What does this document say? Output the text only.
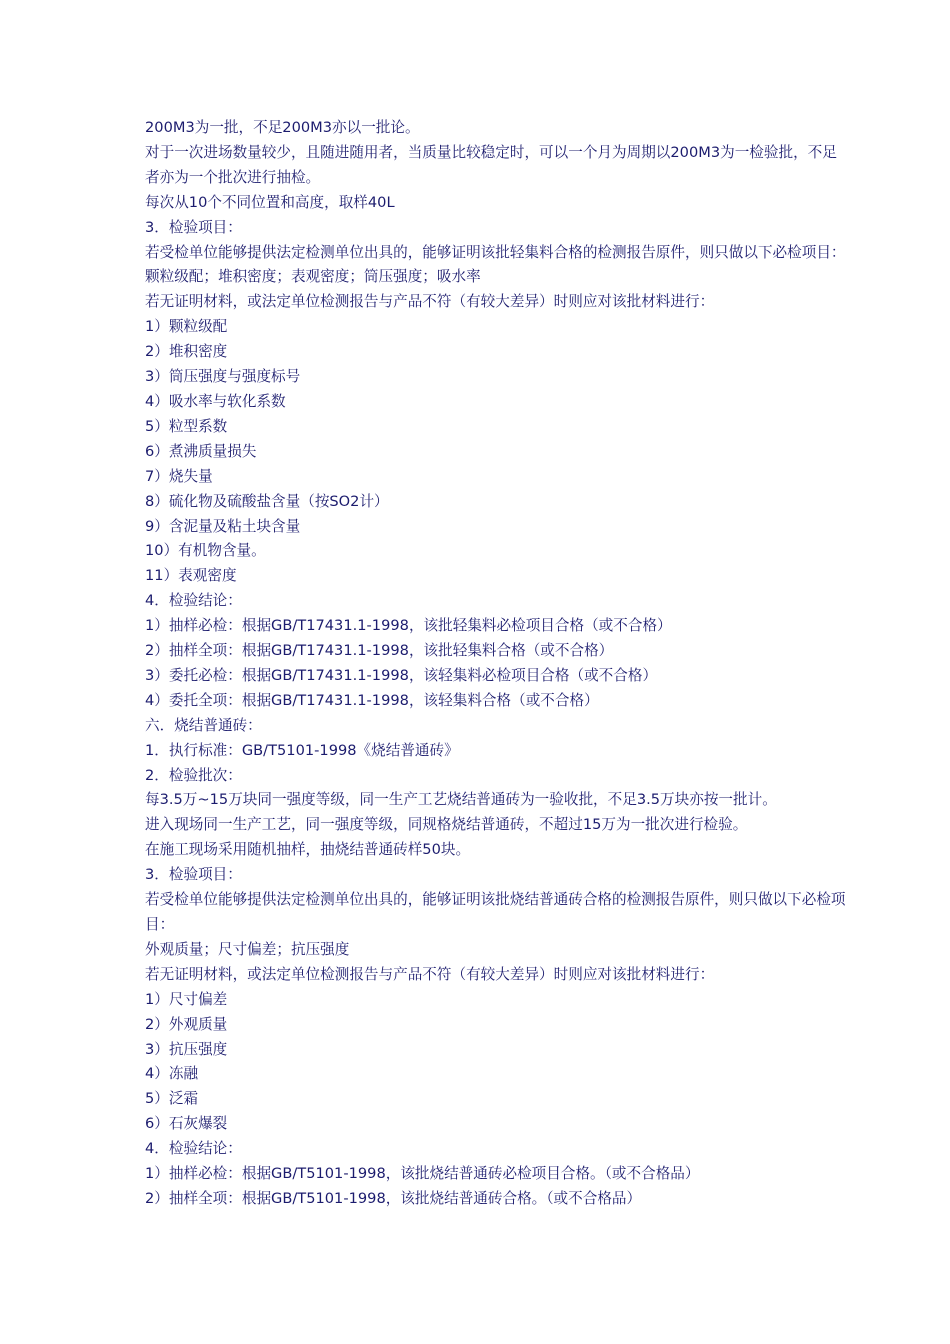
200M3为一批，不足200M3亦以一批论。

对于一次进场数量较少，且随进随用者，当质量比较稳定时，可以一个月为周期以200M3为一检验批，不足者亦为一个批次进行抽检。

每次从10个不同位置和高度，取样40L

3．检验项目：

若受检单位能够提供法定检测单位出具的，能够证明该批轻集料合格的检测报告原件，则只做以下必检项目：

颗粒级配；堆积密度；表观密度；筒压强度；吸水率

若无证明材料，或法定单位检测报告与产品不符（有较大差异）时则应对该批材料进行：

1）颗粒级配

2）堆积密度

3）筒压强度与强度标号

4）吸水率与软化系数

5）粒型系数

6）煮沸质量损失

7）烧失量

8）硫化物及硫酸盐含量（按SO2计）

9）含泥量及粘土块含量

10）有机物含量。

11）表观密度

4．检验结论：

1）抽样必检：根据GB/T17431.1-1998，该批轻集料必检项目合格（或不合格）

2）抽样全项：根据GB/T17431.1-1998，该批轻集料合格（或不合格）

3）委托必检：根据GB/T17431.1-1998，该轻集料必检项目合格（或不合格）

4）委托全项：根据GB/T17431.1-1998，该轻集料合格（或不合格）

六．烧结普通砖：

1．执行标准：GB/T5101-1998《烧结普通砖》

2．检验批次：

每3.5万~15万块同一强度等级，同一生产工艺烧结普通砖为一验收批，不足3.5万块亦按一批计。

进入现场同一生产工艺，同一强度等级，同规格烧结普通砖，不超过15万为一批次进行检验。

在施工现场采用随机抽样，抽烧结普通砖样50块。

3．检验项目：

若受检单位能够提供法定检测单位出具的，能够证明该批烧结普通砖合格的检测报告原件，则只做以下必检项目：

外观质量；尺寸偏差；抗压强度

若无证明材料，或法定单位检测报告与产品不符（有较大差异）时则应对该批材料进行：

1）尺寸偏差

2）外观质量

3）抗压强度

4）冻融

5）泛霜

6）石灰爆裂

4．检验结论：

1）抽样必检：根据GB/T5101-1998，该批烧结普通砖必检项目合格。（或不合格品）

2）抽样全项：根据GB/T5101-1998，该批烧结普通砖合格。（或不合格品）
